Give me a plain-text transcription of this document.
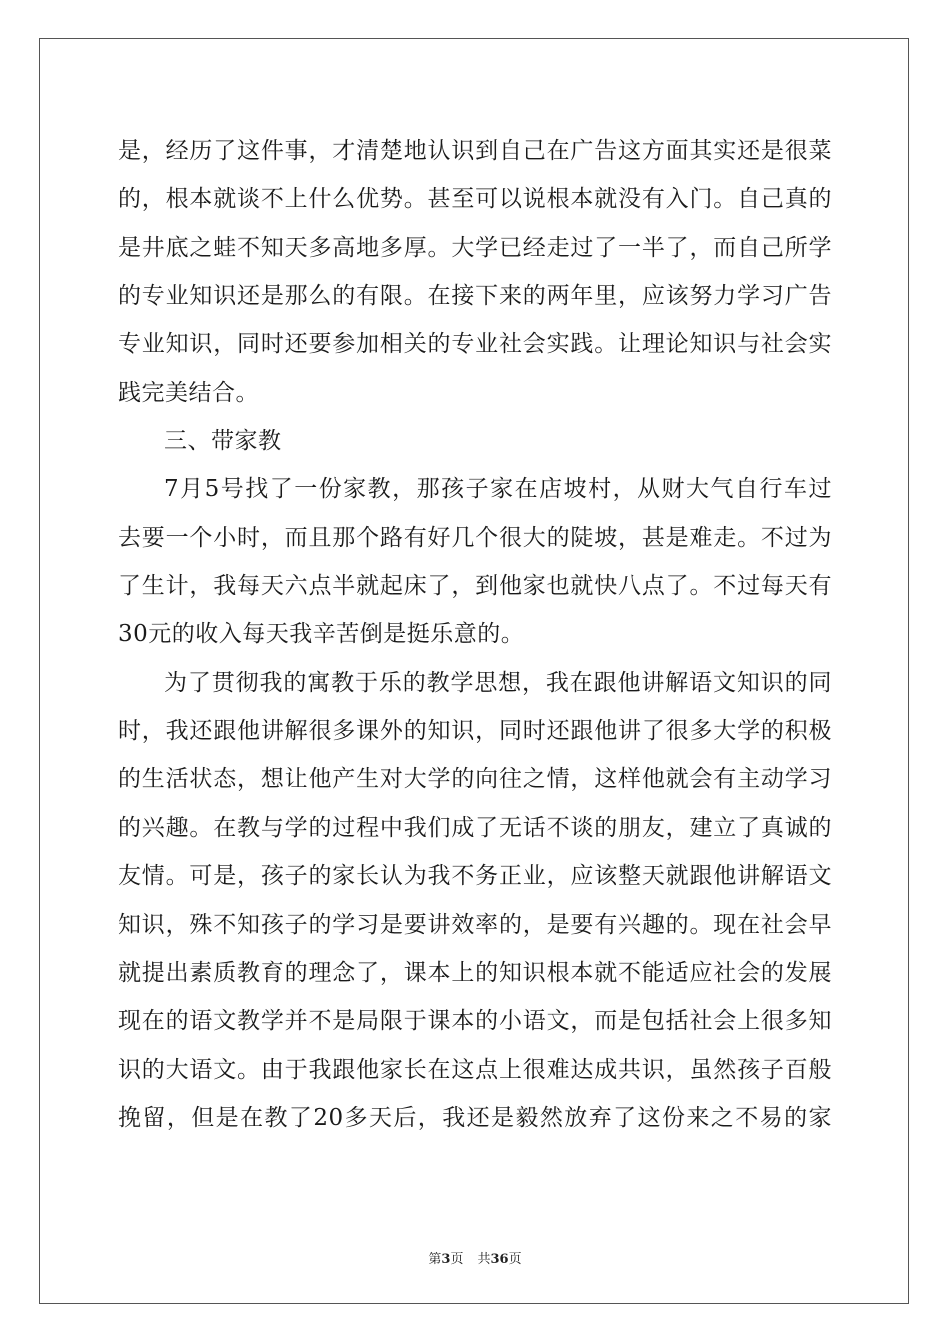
是，经历了这件事，才清楚地认识到自己在广告这方面其实还是很菜
的，根本就谈不上什么优势。甚至可以说根本就没有入门。自己真的
是井底之蛙不知天多高地多厚。大学已经走过了一半了，而自己所学
的专业知识还是那么的有限。在接下来的两年里，应该努力学习广告
专业知识，同时还要参加相关的专业社会实践。让理论知识与社会实
践完美结合。
三、带家教
7月5号找了一份家教，那孩子家在店坡村，从财大气自行车过
去要一个小时，而且那个路有好几个很大的陡坡，甚是难走。不过为
了生计，我每天六点半就起床了，到他家也就快八点了。不过每天有
30元的收入每天我辛苦倒是挺乐意的。
为了贯彻我的寓教于乐的教学思想，我在跟他讲解语文知识的同
时，我还跟他讲解很多课外的知识，同时还跟他讲了很多大学的积极
的生活状态，想让他产生对大学的向往之情，这样他就会有主动学习
的兴趣。在教与学的过程中我们成了无话不谈的朋友，建立了真诚的
友情。可是，孩子的家长认为我不务正业，应该整天就跟他讲解语文
知识，殊不知孩子的学习是要讲效率的，是要有兴趣的。现在社会早
就提出素质教育的理念了，课本上的知识根本就不能适应社会的发展
现在的语文教学并不是局限于课本的小语文，而是包括社会上很多知
识的大语文。由于我跟他家长在这点上很难达成共识，虽然孩子百般
挽留，但是在教了20多天后，我还是毅然放弃了这份来之不易的家
第3页 共36页
